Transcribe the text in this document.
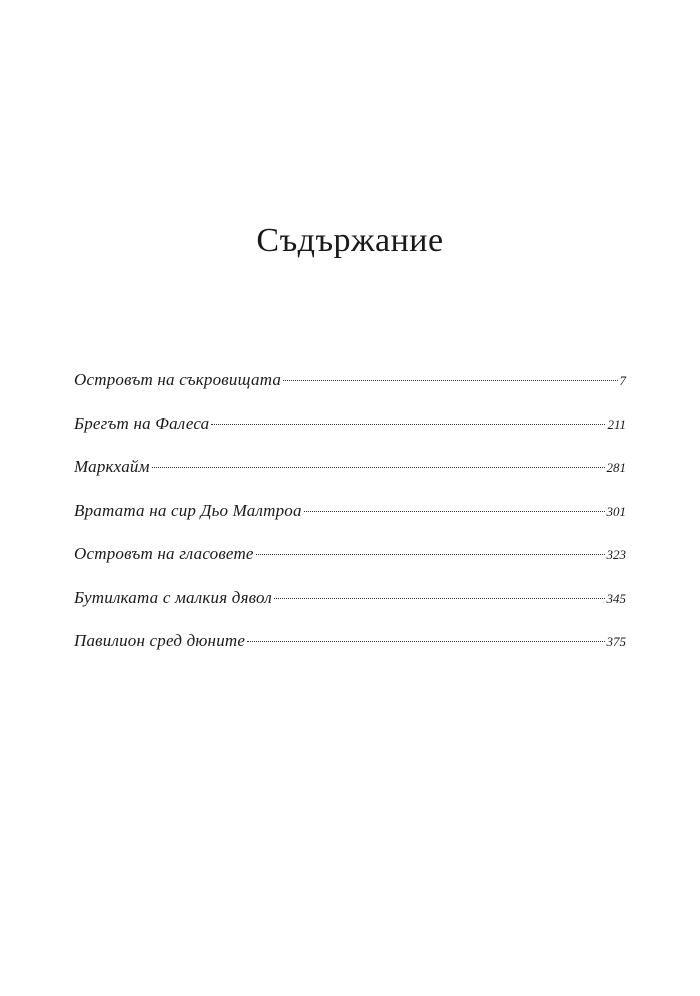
Съдържание
Островът на съкровищата	7
Брегът на Фалеса	211
Маркхайм	281
Вратата на сир Дьо Малтроа	301
Островът на гласовете	323
Бутилката с малкия дявол	345
Павилион сред дюните	375
